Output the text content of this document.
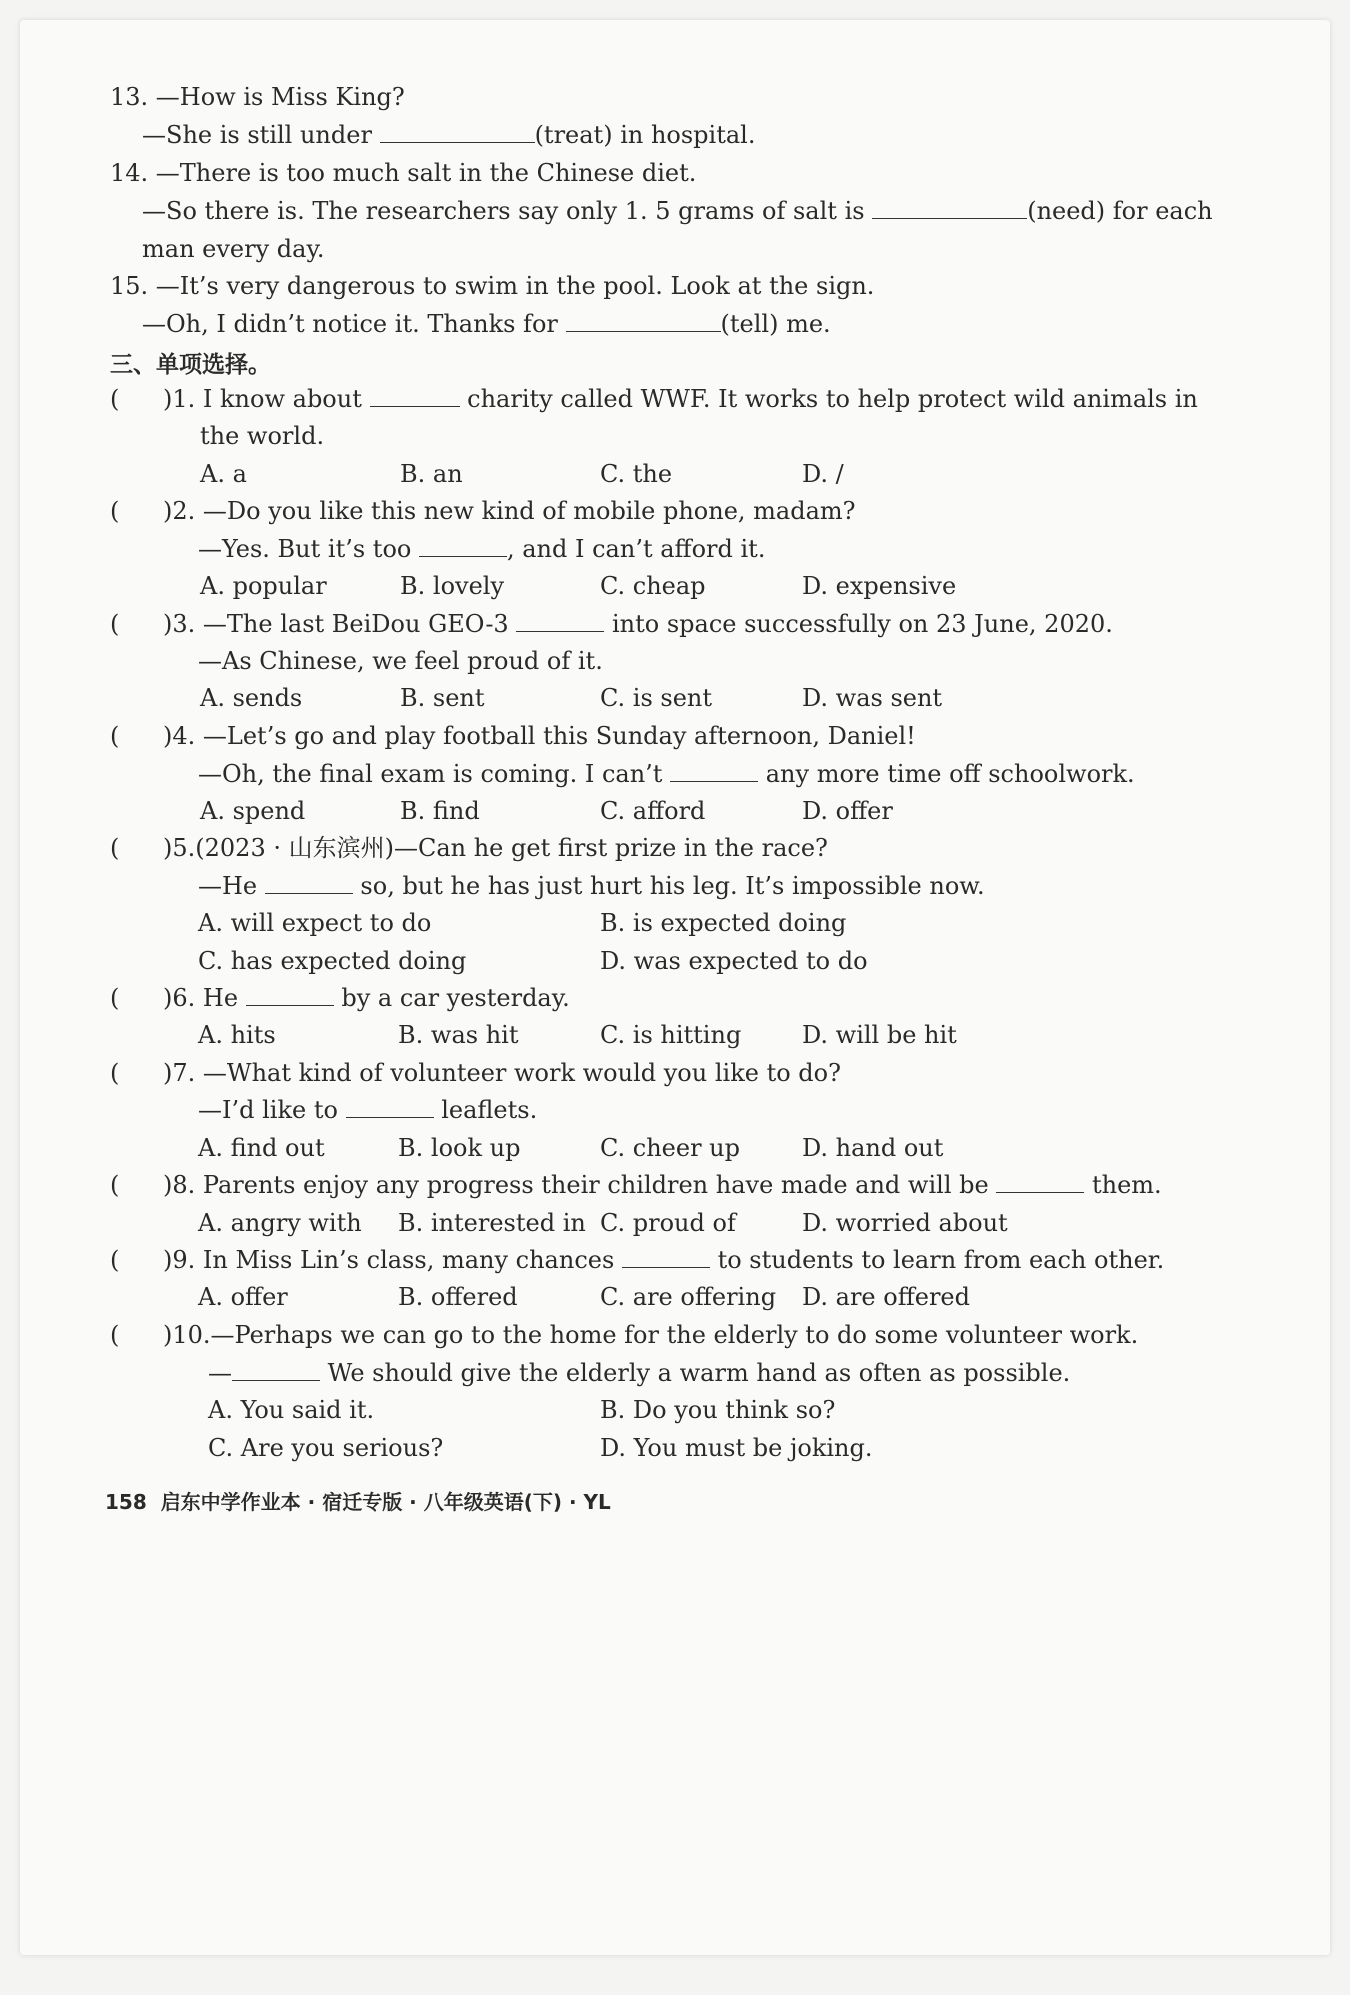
13. —How is Miss King?
—She is still under	(treat) in hospital.
14. —There is too much salt in the Chinese diet.
—So there is. The researchers say only 1. 5 grams of salt is	(need) for each
man every day.
15. —It’s very dangerous to swim in the pool. Look at the sign.
—Oh, I didn’t notice it. Thanks for	(tell) me.
三、单项选择。
( )1. I know about	charity called WWF. It works to help protect wild animals in
the world.
A. a	B. an	C. the	D. /
( )2. —Do you like this new kind of mobile phone, madam?
—Yes. But it’s too	, and I can’t afford it.
A. popular	B. lovely	C. cheap	D. expensive
( )3. —The last BeiDou GEO-3	into space successfully on 23 June, 2020.
—As Chinese, we feel proud of it.
A. sends	B. sent	C. is sent	D. was sent
( )4. —Let’s go and play football this Sunday afternoon, Daniel!
—Oh, the final exam is coming. I can’t	any more time off schoolwork.
A. spend	B. find	C. afford	D. offer
( )5.(2023 · 山东滨州)—Can he get first prize in the race?
—He	so, but he has just hurt his leg. It’s impossible now.
A. will expect to do	B. is expected doing
C. has expected doing	D. was expected to do
( )6. He	by a car yesterday.
A. hits	B. was hit	C. is hitting	D. will be hit
( )7. —What kind of volunteer work would you like to do?
—I’d like to	leaflets.
A. find out	B. look up	C. cheer up	D. hand out
( )8. Parents enjoy any progress their children have made and will be	them.
A. angry with B. interested in C. proud of	D. worried about
( )9. In Miss Lin’s class, many chances	to students to learn from each other.
A. offer	B. offered	C. are offering D. are offered
( )10.—Perhaps we can go to the home for the elderly to do some volunteer work.
—	We should give the elderly a warm hand as often as possible.
A. You said it.	B. Do you think so?
C. Are you serious?	D. You must be joking.
158 启东中学作业本 · 宿迁专版 · 八年级英语(下) · YL
